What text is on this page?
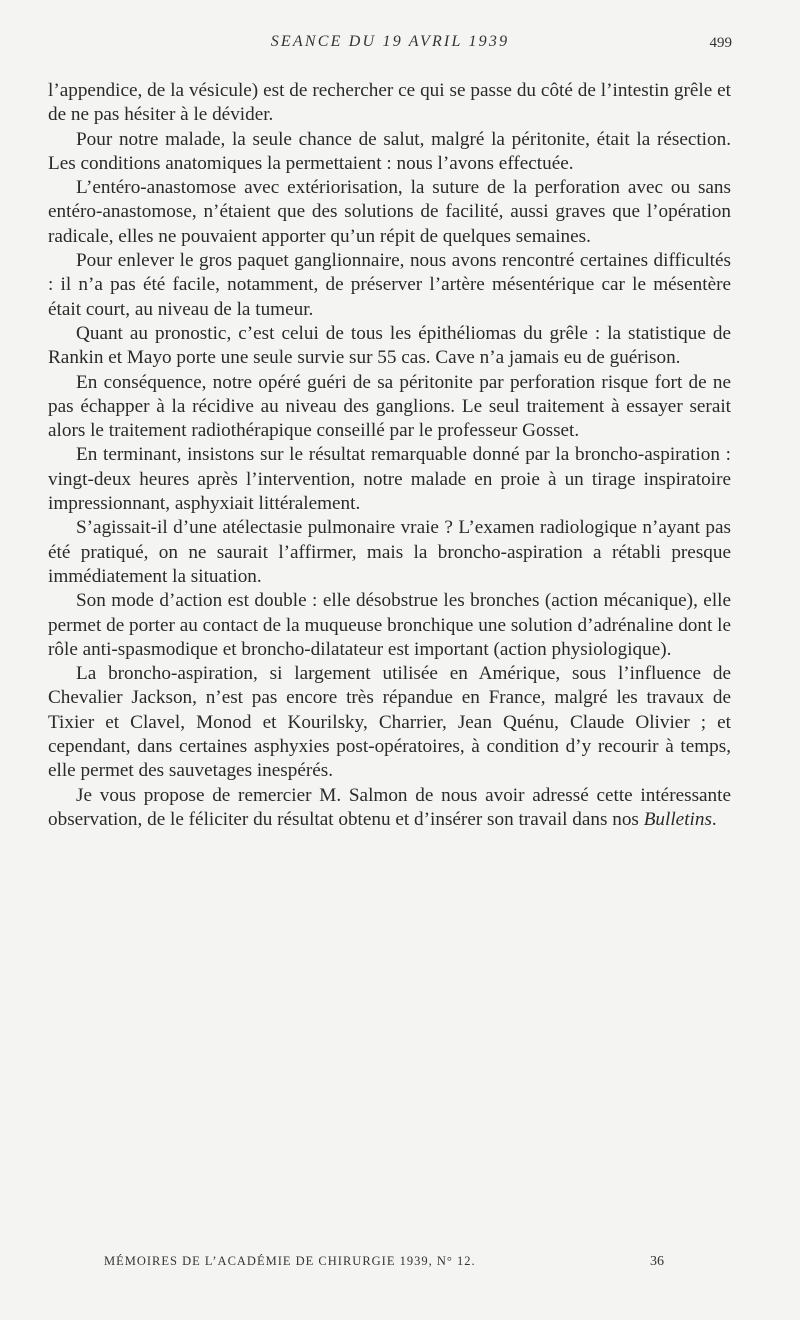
SEANCE DU 19 AVRIL 1939	499

l’appendice, de la vésicule) est de rechercher ce qui se passe du côté de l’intestin grêle et de ne pas hésiter à le dévider.

Pour notre malade, la seule chance de salut, malgré la péritonite, était la résection. Les conditions anatomiques la permettaient : nous l’avons effectuée.

L’entéro-anastomose avec extériorisation, la suture de la perforation avec ou sans entéro-anastomose, n’étaient que des solutions de facilité, aussi graves que l’opération radicale, elles ne pouvaient apporter qu’un répit de quelques semaines.

Pour enlever le gros paquet ganglionnaire, nous avons rencontré certaines difficultés : il n’a pas été facile, notamment, de préserver l’artère mésentérique car le mésentère était court, au niveau de la tumeur.

Quant au pronostic, c’est celui de tous les épithéliomas du grêle : la statistique de Rankin et Mayo porte une seule survie sur 55 cas. Cave n’a jamais eu de guérison.

En conséquence, notre opéré guéri de sa péritonite par perforation risque fort de ne pas échapper à la récidive au niveau des ganglions. Le seul traitement à essayer serait alors le traitement radiothérapique conseillé par le professeur Gosset.

En terminant, insistons sur le résultat remarquable donné par la broncho-aspiration : vingt-deux heures après l’intervention, notre malade en proie à un tirage inspiratoire impressionnant, asphyxiait littéralement.

S’agissait-il d’une atélectasie pulmonaire vraie ? L’examen radiologique n’ayant pas été pratiqué, on ne saurait l’affirmer, mais la broncho-aspiration a rétabli presque immédiatement la situation.

Son mode d’action est double : elle désobstrue les bronches (action mécanique), elle permet de porter au contact de la muqueuse bronchique une solution d’adrénaline dont le rôle anti-spasmodique et broncho-dilatateur est important (action physiologique).

La broncho-aspiration, si largement utilisée en Amérique, sous l’influence de Chevalier Jackson, n’est pas encore très répandue en France, malgré les travaux de Tixier et Clavel, Monod et Kourilsky, Charrier, Jean Quénu, Claude Olivier ; et cependant, dans certaines asphyxies post-opératoires, à condition d’y recourir à temps, elle permet des sauvetages inespérés.

Je vous propose de remercier M. Salmon de nous avoir adressé cette intéressante observation, de le féliciter du résultat obtenu et d’insérer son travail dans nos Bulletins.

MÉMOIRES DE L’ACADÉMIE DE CHIRURGIE 1939, N° 12.	36
